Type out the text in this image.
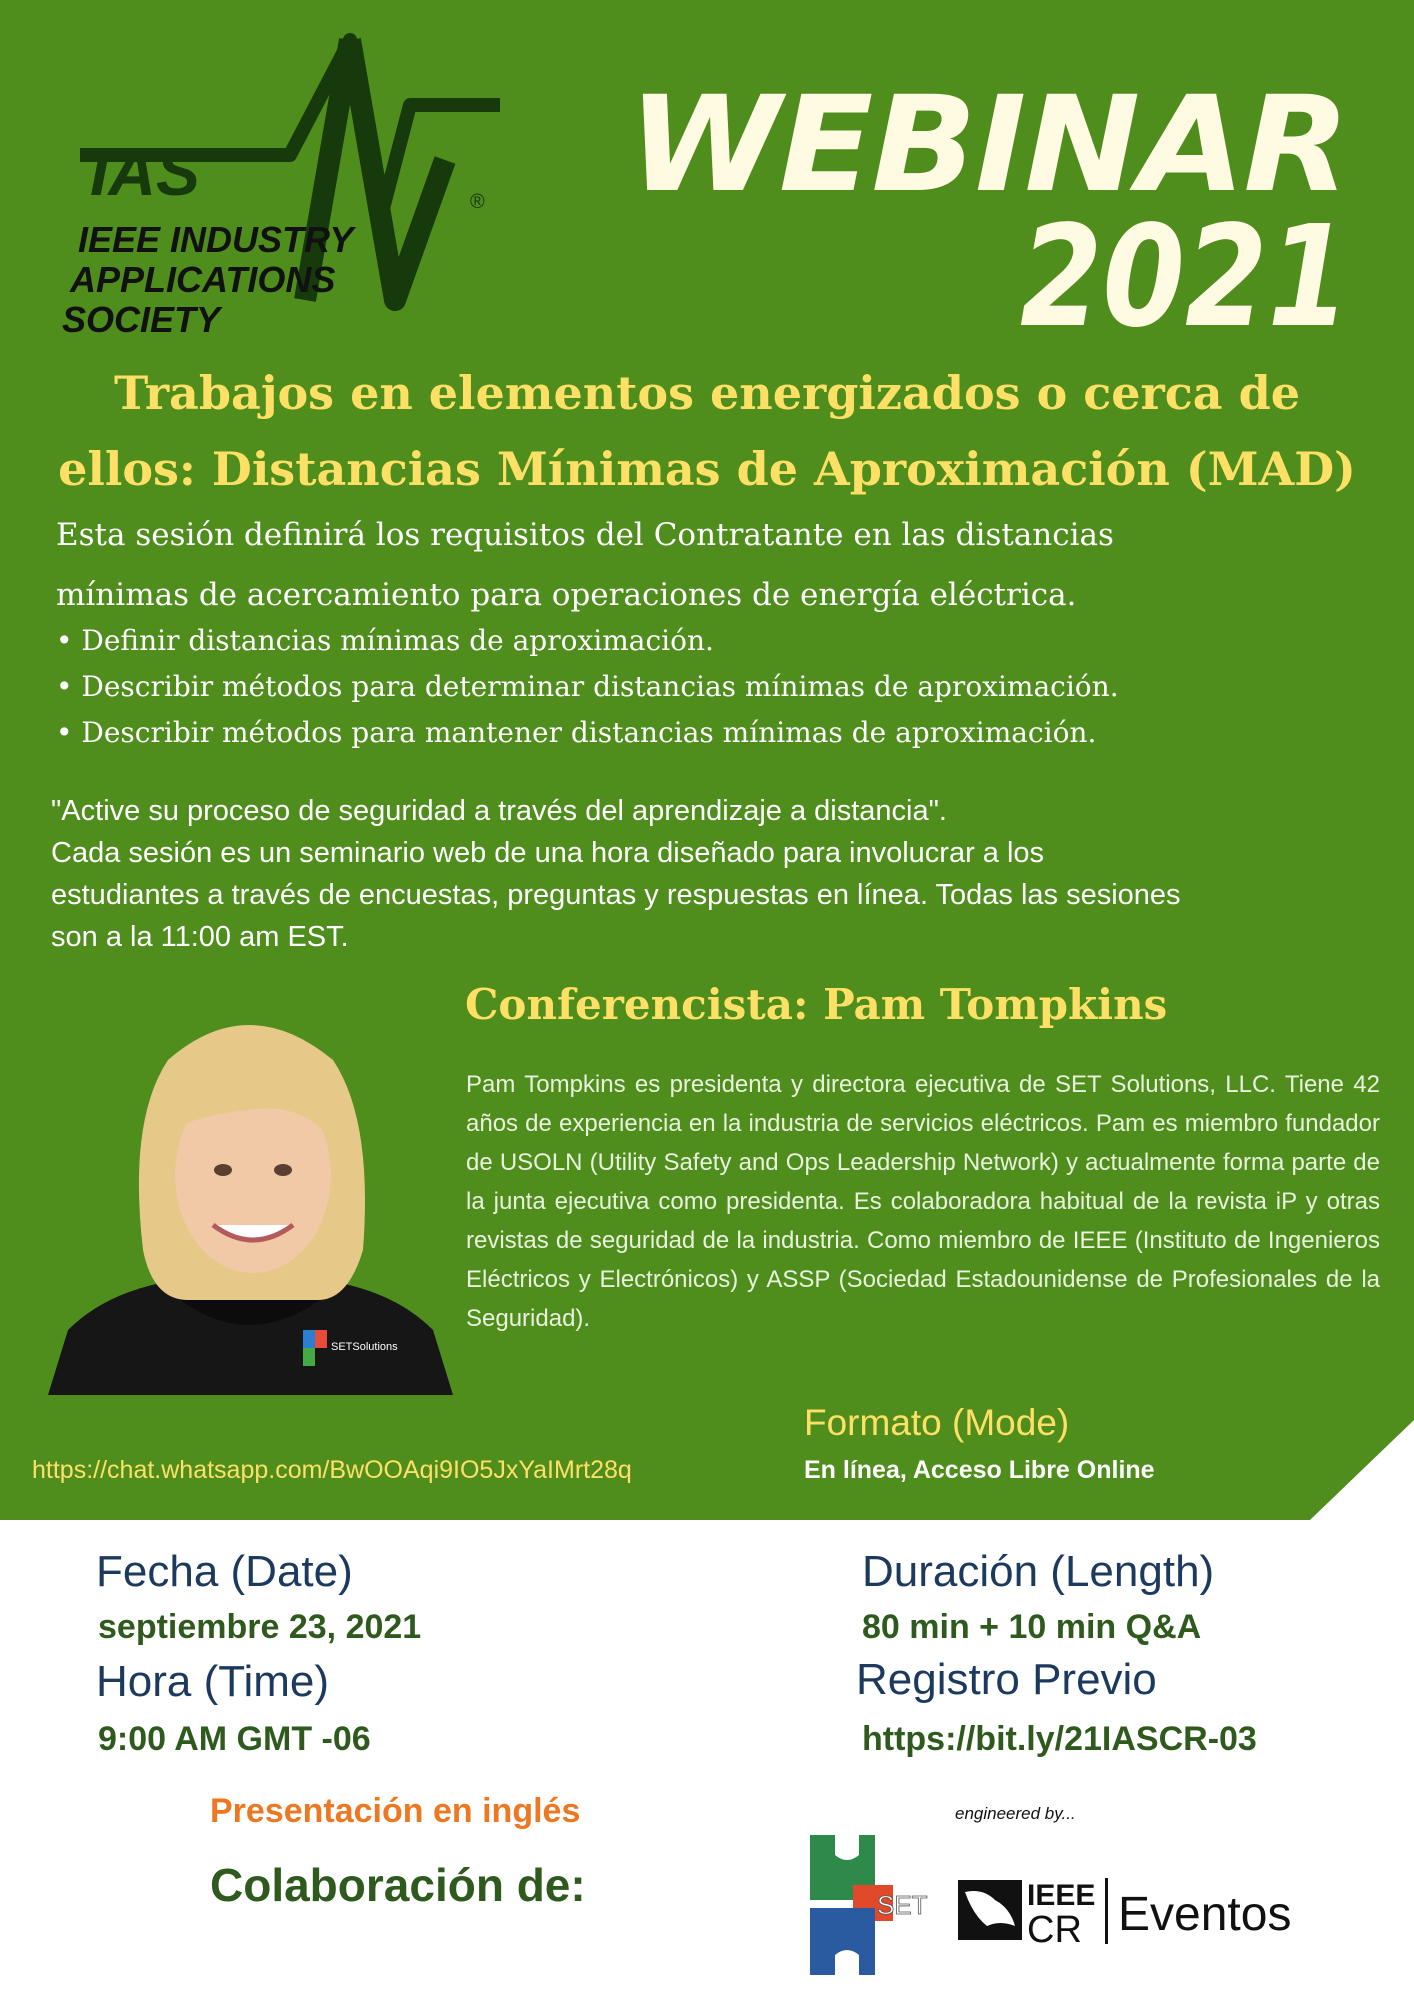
IAS	®
IEEE INDUSTRY
APPLICATIONS
SOCIETY
WEBINAR
2021
Trabajos en elementos energizados o cerca de
ellos: Distancias Mínimas de Aproximación (MAD)
Esta sesión definirá los requisitos del Contratante en las distancias
mínimas de acercamiento para operaciones de energía eléctrica.
• Definir distancias mínimas de aproximación.
• Describir métodos para determinar distancias mínimas de aproximación.
• Describir métodos para mantener distancias mínimas de aproximación.
"Active su proceso de seguridad a través del aprendizaje a distancia".
Cada sesión es un seminario web de una hora diseñado para involucrar a los
estudiantes a través de encuestas, preguntas y respuestas en línea. Todas las sesiones
son a la 11:00 am EST.
SETSolutions
Conferencista: Pam Tompkins
Pam Tompkins es presidenta y directora ejecutiva de SET Solutions, LLC. Tiene 42 años de experiencia en la industria de servicios eléctricos. Pam es miembro fundador de USOLN (Utility Safety and Ops Leadership Network) y actualmente forma parte de la junta ejecutiva como presidenta. Es colaboradora habitual de la revista iP y otras revistas de seguridad de la industria. Como miembro de IEEE (Instituto de Ingenieros Eléctricos y Electrónicos) y ASSP (Sociedad Estadounidense de Profesionales de la Seguridad).
Formato (Mode)
https://chat.whatsapp.com/BwOOAqi9IO5JxYaIMrt28q	En línea, Acceso Libre Online
Fecha (Date)
septiembre 23, 2021
Hora (Time)
9:00 AM GMT -06
Duración (Length)
80 min + 10 min Q&A
Registro Previo
https://bit.ly/21IASCR-03
Presentación en inglés
Colaboración de:
engineered by...
SET	IEEE
CR Eventos
